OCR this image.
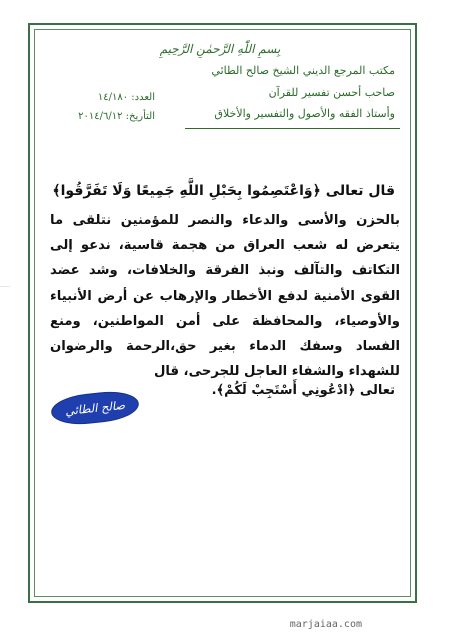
بِسمِ اللّٰهِ الرَّحمٰنِ الرَّحِيمِ
مكتب المرجع الديني الشيخ صالح الطائي
صاحب أحسن تفسير للقرآن
وأستاذ الفقه والأصول والتفسير والأخلاق
العدد: ١٤/١٨٠
التأريخ: ٢٠١٤/٦/١٢
قال تعالى ﴿وَاعْتَصِمُوا بِحَبْلِ اللَّهِ جَمِيعًا وَلَا تَفَرَّقُوا﴾
بالحزن والأسى والدعاء والنصر للمؤمنين نتلقى ما يتعرض له شعب العراق من هجمة قاسية، ندعو إلى التكاتف والتآلف ونبذ الفرقة والخلافات، وشد عضد القوى الأمنية لدفع الأخطار والإرهاب عن أرض الأنبياء والأوصياء، والمحافظة على أمن المواطنين، ومنع الفساد وسفك الدماء بغير حق،الرحمة والرضوان للشهداء والشفاء العاجل للجرحى، قال
تعالى ﴿ادْعُونِي أَسْتَجِبْ لَكُمْ﴾.
صالح الطائي
marjaiaa.com
